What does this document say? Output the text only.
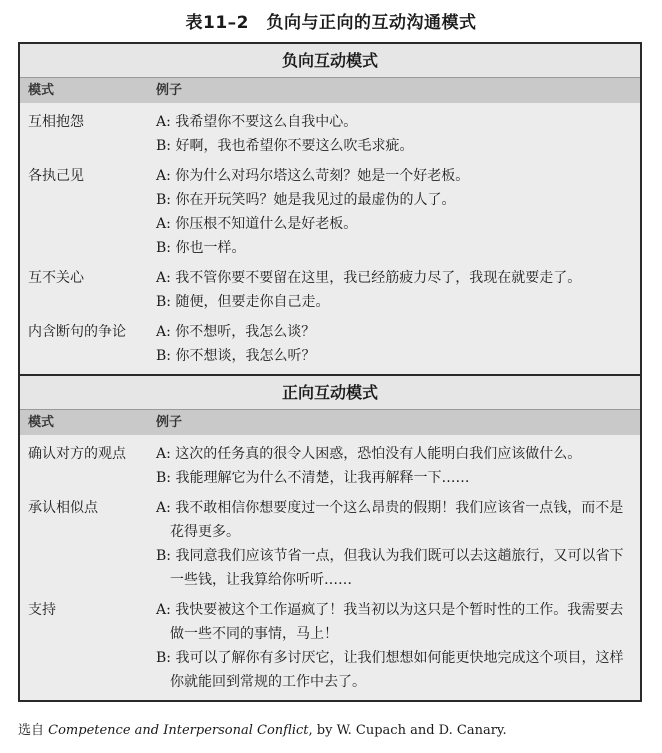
表11–2　负向与正向的互动沟通模式
负向互动模式
模式	例子
互相抱怨	A: 我希望你不要这么自我中心。
B: 好啊，我也希望你不要这么吹毛求疵。
各执己见	A: 你为什么对玛尔塔这么苛刻？她是一个好老板。
B: 你在开玩笑吗？她是我见过的最虚伪的人了。
A: 你压根不知道什么是好老板。
B: 你也一样。
互不关心	A: 我不管你要不要留在这里，我已经筋疲力尽了，我现在就要走了。
B: 随便，但要走你自己走。
内含断句的争论	A: 你不想听，我怎么谈？
B: 你不想谈，我怎么听？
正向互动模式
模式	例子
确认对方的观点	A: 这次的任务真的很令人困惑，恐怕没有人能明白我们应该做什么。
B: 我能理解它为什么不清楚，让我再解释一下……
承认相似点	A: 我不敢相信你想要度过一个这么昂贵的假期！我们应该省一点钱，而不是花得更多。
B: 我同意我们应该节省一点，但我认为我们既可以去这趟旅行，又可以省下一些钱，让我算给你听听……
支持	A: 我快要被这个工作逼疯了！我当初以为这只是个暂时性的工作。我需要去做一些不同的事情，马上！
B: 我可以了解你有多讨厌它，让我们想想如何能更快地完成这个项目，这样你就能回到常规的工作中去了。
选自 Competence and Interpersonal Conflict, by W. Cupach and D. Canary.
